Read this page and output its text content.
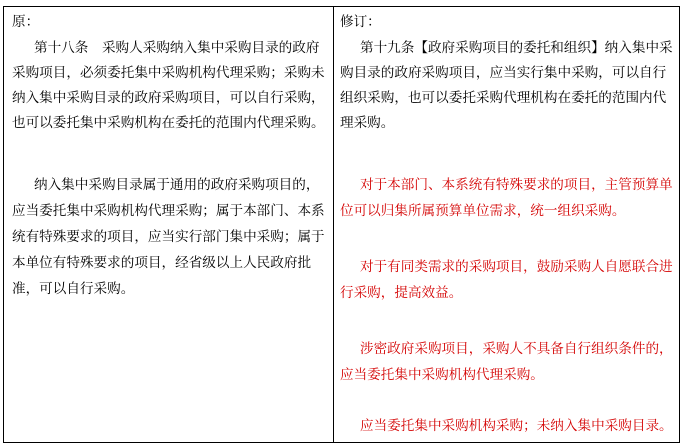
原：
第十八条　采购人采购纳入集中采购目录的政府
采购项目，必须委托集中采购机构代理采购；采购未
纳入集中采购目录的政府采购项目，可以自行采购，
也可以委托集中采购机构在委托的范围内代理采购。
纳入集中采购目录属于通用的政府采购项目的，
应当委托集中采购机构代理采购；属于本部门、本系
统有特殊要求的项目，应当实行部门集中采购；属于
本单位有特殊要求的项目，经省级以上人民政府批
准，可以自行采购。
修订：
第十九条【政府采购项目的委托和组织】纳入集中采
购目录的政府采购项目，应当实行集中采购，可以自行
组织采购，也可以委托采购代理机构在委托的范围内代
理采购。
对于本部门、本系统有特殊要求的项目，主管预算单
位可以归集所属预算单位需求，统一组织采购。
对于有同类需求的采购项目，鼓励采购人自愿联合进
行采购，提高效益。
涉密政府采购项目，采购人不具备自行组织条件的，
应当委托集中采购机构代理采购。
应当委托集中采购机构采购；未纳入集中采购目录。
